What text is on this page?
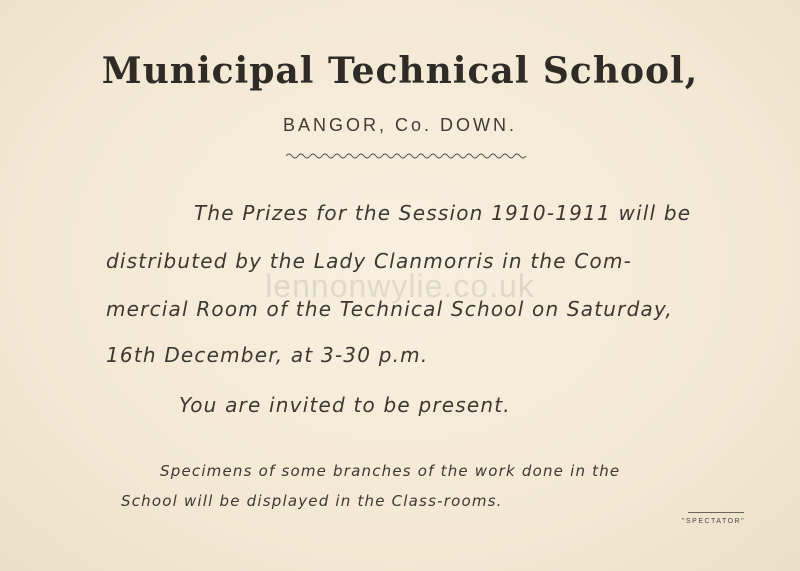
Municipal Technical School,
BANGOR, Co. DOWN.
The Prizes for the Session 1910-1911 will be
distributed by the Lady Clanmorris in the Com-
mercial Room of the Technical School on Saturday,
16th December, at 3-30 p.m.
You are invited to be present.
Specimens of some branches of the work done in the
School will be displayed in the Class-rooms.
lennonwylie.co.uk
"SPECTATOR"
